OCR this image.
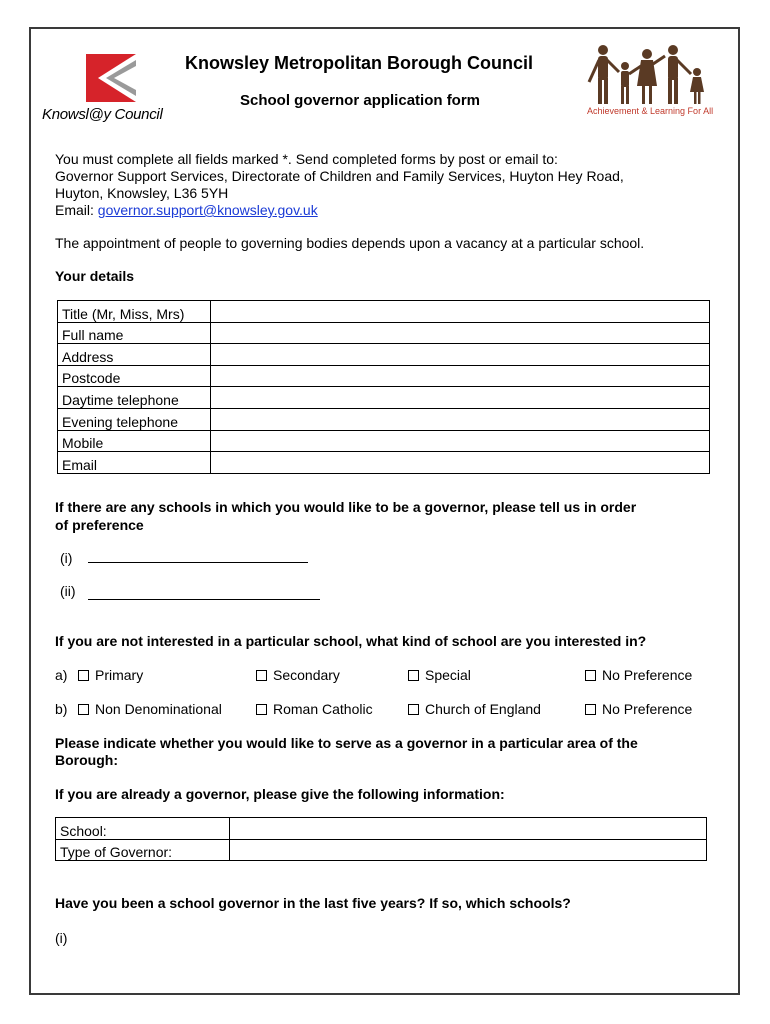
Knowsl@y Council	Achievement & Learning For All
Knowsley Metropolitan Borough Council
School governor application form
You must complete all fields marked *. Send completed forms by post or email to:
Governor Support Services, Directorate of Children and Family Services, Huyton Hey Road,
Huyton, Knowsley, L36 5YH
Email: governor.support@knowsley.gov.uk
The appointment of people to governing bodies depends upon a vacancy at a particular school.
Your details
Title (Mr, Miss, Mrs)	
Full name	
Address	
Postcode	
Daytime telephone	
Evening telephone	
Mobile	
Email	
If there are any schools in which you would like to be a governor, please tell us in order
of preference
(i)
(ii)
If you are not interested in a particular school, what kind of school are you interested in?
a)	Primary	Secondary	Special	No Preference
b)	Non Denominational	Roman Catholic	Church of England	No Preference
Please indicate whether you would like to serve as a governor in a particular area of the
Borough:
If you are already a governor, please give the following information:
School:	
Type of Governor:	
Have you been a school governor in the last five years? If so, which schools?
(i)
